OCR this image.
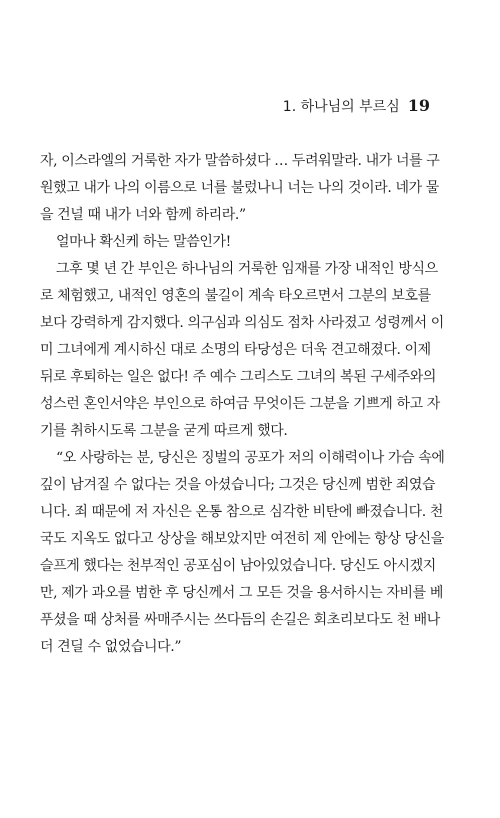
1. 하나님의 부르심 19
자, 이스라엘의 거룩한 자가 말씀하셨다 … 두려워말라. 내가 너를 구
원했고 내가 나의 이름으로 너를 불렀나니 너는 나의 것이라. 네가 물
을 건널 때 내가 너와 함께 하리라.”
얼마나 확신케 하는 말씀인가!
그후 몇 년 간 부인은 하나님의 거룩한 임재를 가장 내적인 방식으
로 체험했고, 내적인 영혼의 불길이 계속 타오르면서 그분의 보호를
보다 강력하게 감지했다. 의구심과 의심도 점차 사라졌고 성령께서 이
미 그녀에게 계시하신 대로 소명의 타당성은 더욱 견고해졌다. 이제
뒤로 후퇴하는 일은 없다! 주 예수 그리스도 그녀의 복된 구세주와의
성스런 혼인서약은 부인으로 하여금 무엇이든 그분을 기쁘게 하고 자
기를 취하시도록 그분을 굳게 따르게 했다.
“오 사랑하는 분, 당신은 징벌의 공포가 저의 이해력이나 가슴 속에
깊이 남겨질 수 없다는 것을 아셨습니다; 그것은 당신께 범한 죄였습
니다. 죄 때문에 저 자신은 온통 참으로 심각한 비탄에 빠졌습니다. 천
국도 지옥도 없다고 상상을 해보았지만 여전히 제 안에는 항상 당신을
슬프게 했다는 천부적인 공포심이 남아있었습니다. 당신도 아시겠지
만, 제가 과오를 범한 후 당신께서 그 모든 것을 용서하시는 자비를 베
푸셨을 때 상처를 싸매주시는 쓰다듬의 손길은 회초리보다도 천 배나
더 견딜 수 없었습니다.”
